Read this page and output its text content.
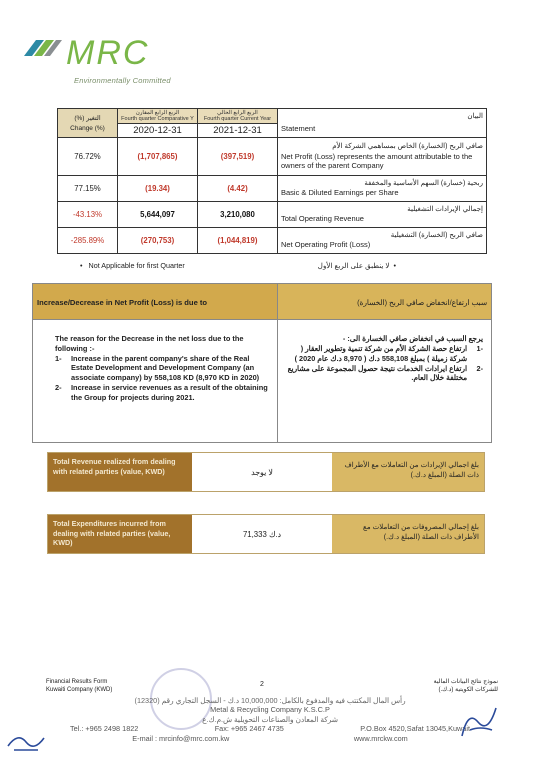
MRC
Environmentally Committed
التغير (%)
Change (%)	الربع الرابع المقارن
Fourth quarter Comparative Y	الربع الرابع الحالي
Fourth quarter Current Year	البيان
Statement

	2020-12-31	2021-12-31	
76.72%	(1,707,865)	(397,519)	صافي الربح (الخسارة) الخاص بمساهمي الشركة الأم
Net Profit (Loss) represents the amount attributable to the owners of the parent Company
77.15%	(19.34)	(4.42)	ربحية (خسارة) السهم الأساسية والمخففة
Basic & Diluted Earnings per Share
-43.13%	5,644,097	3,210,080	إجمالي الإيرادات التشغيلية
Total Operating Revenue
-285.89%	(270,753)	(1,044,819)	صافي الربح (الخسارة) التشغيلية
Net Operating Profit (Loss)
•   Not Applicable for first Quarter	•  لا ينطبق على الربع الأول
Increase/Decrease in Net Profit (Loss) is due to	سبب ارتفاع/انخفاض صافي الربح (الخسارة)
The reason for the Decrease in the net loss due to the following :-
1-	Increase in the parent company's share of the Real Estate Development and Development Company (an associate company) by 558,108 KD (8,970 KD in 2020)
2-	Increase in service revenues as a result of the obtaining the Group for projects during 2021.
يرجع السبب في انخفاض صافي الخسارة الى: -
-1
ارتفاع حصة الشركة الأم من شركة تنمية وتطوير العقار ( شركة زميلة ) بمبلغ 558,108 د.ك ( 8,970 د.ك عام 2020 )
-2
ارتفاع ايرادات الخدمات نتيجة حصول المجموعة على مشاريع مختلفة خلال العام.
Total Revenue realized from dealing with related parties (value, KWD)	لا يوجد
بلغ اجمالي الإيرادات من التعاملات مع الأطراف ذات الصلة (المبلغ د.ك.)
Total Expenditures incurred from dealing with related parties (value, KWD)
71,333 د.ك
بلغ إجمالي المصروفات من التعاملات مع الأطراف ذات الصلة (المبلغ د.ك.)
Financial Results Form
Kuwaiti Company (KWD)
2	نموذج نتائج البيانات المالية
للشركات الكويتية (د.ك.)
رأس المال المكتتب فيه والمدفوع بالكامل: 10,000,000 د.ك - السجل التجاري رقم (12320)
Metal & Recycling Company K.S.C.P
شركة المعادن والصناعات التحويلية ش.م.ك.ع
Tel.: +965 2498 1822	Fax: +965 2467 4735	P.O.Box 4520,Safat 13045,Kuwait
E-mail : mrcinfo@mrc.com.kw	www.mrckw.com
